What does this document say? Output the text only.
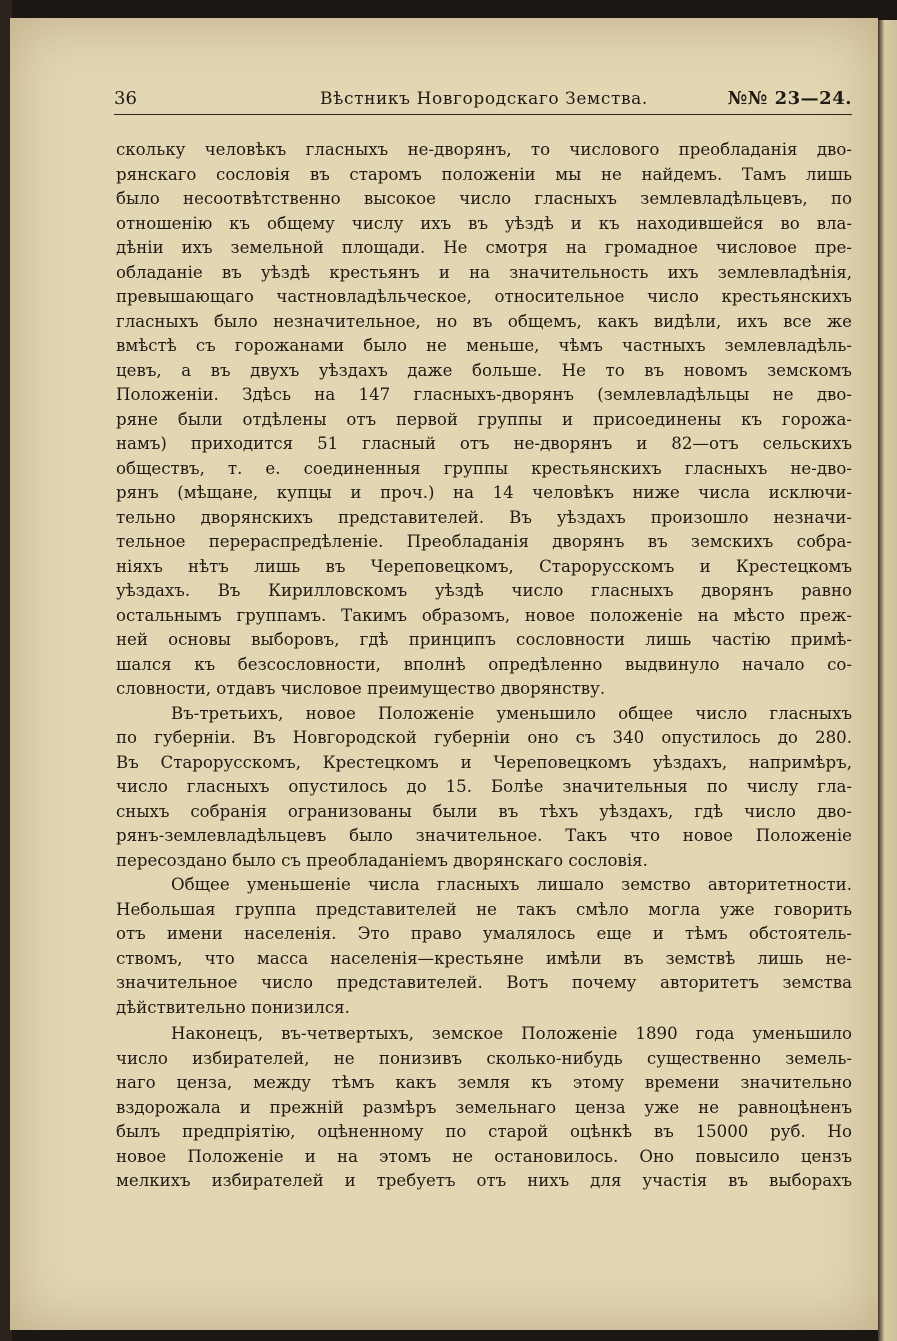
36	Вѣстникъ Новгородскаго Земства.	№№ 23—24.
скольку человѣкъ гласныхъ не-дворянъ, то числового преобладанія дво-
рянскаго сословія въ старомъ положеніи мы не найдемъ. Тамъ лишь
было несоотвѣтственно высокое число гласныхъ землевладѣльцевъ, по
отношенію къ общему числу ихъ въ уѣздѣ и къ находившейся во вла-
дѣніи ихъ земельной площади. Не смотря на громадное числовое пре-
обладаніе въ уѣздѣ крестьянъ и на значительность ихъ землевладѣнія,
превышающаго частновладѣльческое, относительное число крестьянскихъ
гласныхъ было незначительное, но въ общемъ, какъ видѣли, ихъ все же
вмѣстѣ съ горожанами было не меньше, чѣмъ частныхъ землевладѣль-
цевъ, а въ двухъ уѣздахъ даже больше. Не то въ новомъ земскомъ
Положеніи. Здѣсь на 147 гласныхъ-дворянъ (землевладѣльцы не дво-
ряне были отдѣлены отъ первой группы и присоединены къ горожа-
намъ) приходится 51 гласный отъ не-дворянъ и 82—отъ сельскихъ
обществъ, т. е. соединенныя группы крестьянскихъ гласныхъ не-дво-
рянъ (мѣщане, купцы и проч.) на 14 человѣкъ ниже числа исключи-
тельно дворянскихъ представителей. Въ уѣздахъ произошло незначи-
тельное перераспредѣленіе. Преобладанія дворянъ въ земскихъ собра-
ніяхъ нѣтъ лишь въ Череповецкомъ, Старорусскомъ и Крестецкомъ
уѣздахъ. Въ Кирилловскомъ уѣздѣ число гласныхъ дворянъ равно
остальнымъ группамъ. Такимъ образомъ, новое положеніе на мѣсто преж-
ней основы выборовъ, гдѣ принципъ сословности лишь частію примѣ-
шался къ безсословности, вполнѣ опредѣленно выдвинуло начало со-
словности, отдавъ числовое преимущество дворянству.
Въ-третьихъ, новое Положеніе уменьшило общее число гласныхъ
по губерніи. Въ Новгородской губерніи оно съ 340 опустилось до 280.
Въ Старорусскомъ, Крестецкомъ и Череповецкомъ уѣздахъ, напримѣръ,
число гласныхъ опустилось до 15. Болѣе значительныя по числу гла-
сныхъ собранія огранизованы были въ тѣхъ уѣздахъ, гдѣ число дво-
рянъ-землевладѣльцевъ было значительное. Такъ что новое Положеніе
пересоздано было съ преобладаніемъ дворянскаго сословія.
Общее уменьшеніе числа гласныхъ лишало земство авторитетности.
Небольшая группа представителей не такъ смѣло могла уже говорить
отъ имени населенія. Это право умалялось еще и тѣмъ обстоятель-
ствомъ, что масса населенія—крестьяне имѣли въ земствѣ лишь не-
значительное число представителей. Вотъ почему авторитетъ земства
дѣйствительно понизился.
Наконецъ, въ-четвертыхъ, земское Положеніе 1890 года уменьшило
число избирателей, не понизивъ сколько-нибудь существенно земель-
наго ценза, между тѣмъ какъ земля къ этому времени значительно
вздорожала и прежній размѣръ земельнаго ценза уже не равноцѣненъ
былъ предпріятію, оцѣненному по старой оцѣнкѣ въ 15000 руб. Но
новое Положеніе и на этомъ не остановилось. Оно повысило цензъ
мелкихъ избирателей и требуетъ отъ нихъ для участія въ выборахъ
